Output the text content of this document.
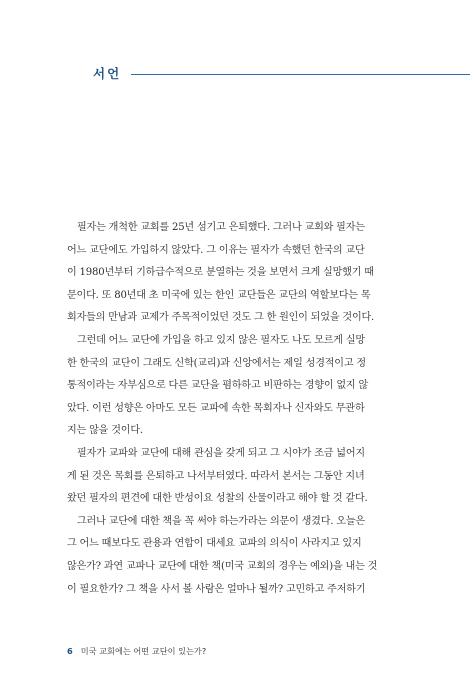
서언

필자는 개척한 교회를 25년 섬기고 은퇴했다. 그러나 교회와 필자는
어느 교단에도 가입하지 않았다. 그 이유는 필자가 속했던 한국의 교단
이 1980년부터 기하급수적으로 분열하는 것을 보면서 크게 실망했기 때
문이다. 또 80년대 초 미국에 있는 한인 교단들은 교단의 역할보다는 목
회자들의 만남과 교제가 주목적이었던 것도 그 한 원인이 되었을 것이다.

그런데 어느 교단에 가입을 하고 있지 않은 필자도 나도 모르게 실망
한 한국의 교단이 그래도 신학(교리)과 신앙에서는 제일 성경적이고 정
통적이라는 자부심으로 다른 교단을 폄하하고 비판하는 경향이 없지 않
았다. 이런 성향은 아마도 모든 교파에 속한 목회자나 신자와도 무관하
지는 않을 것이다.

필자가 교파와 교단에 대해 관심을 갖게 되고 그 시야가 조금 넓어지
게 된 것은 목회를 은퇴하고 나서부터였다. 따라서 본서는 그동안 지녀
왔던 필자의 편견에 대한 반성이요 성찰의 산물이라고 해야 할 것 같다.

그러나 교단에 대한 책을 꼭 써야 하는가라는 의문이 생겼다. 오늘은
그 어느 때보다도 관용과 연합이 대세요 교파의 의식이 사라지고 있지
않은가? 과연 교파나 교단에 대한 책(미국 교회의 경우는 예외)을 내는 것
이 필요한가? 그 책을 사서 볼 사람은 얼마나 될까? 고민하고 주저하기

6 미국 교회에는 어떤 교단이 있는가?
